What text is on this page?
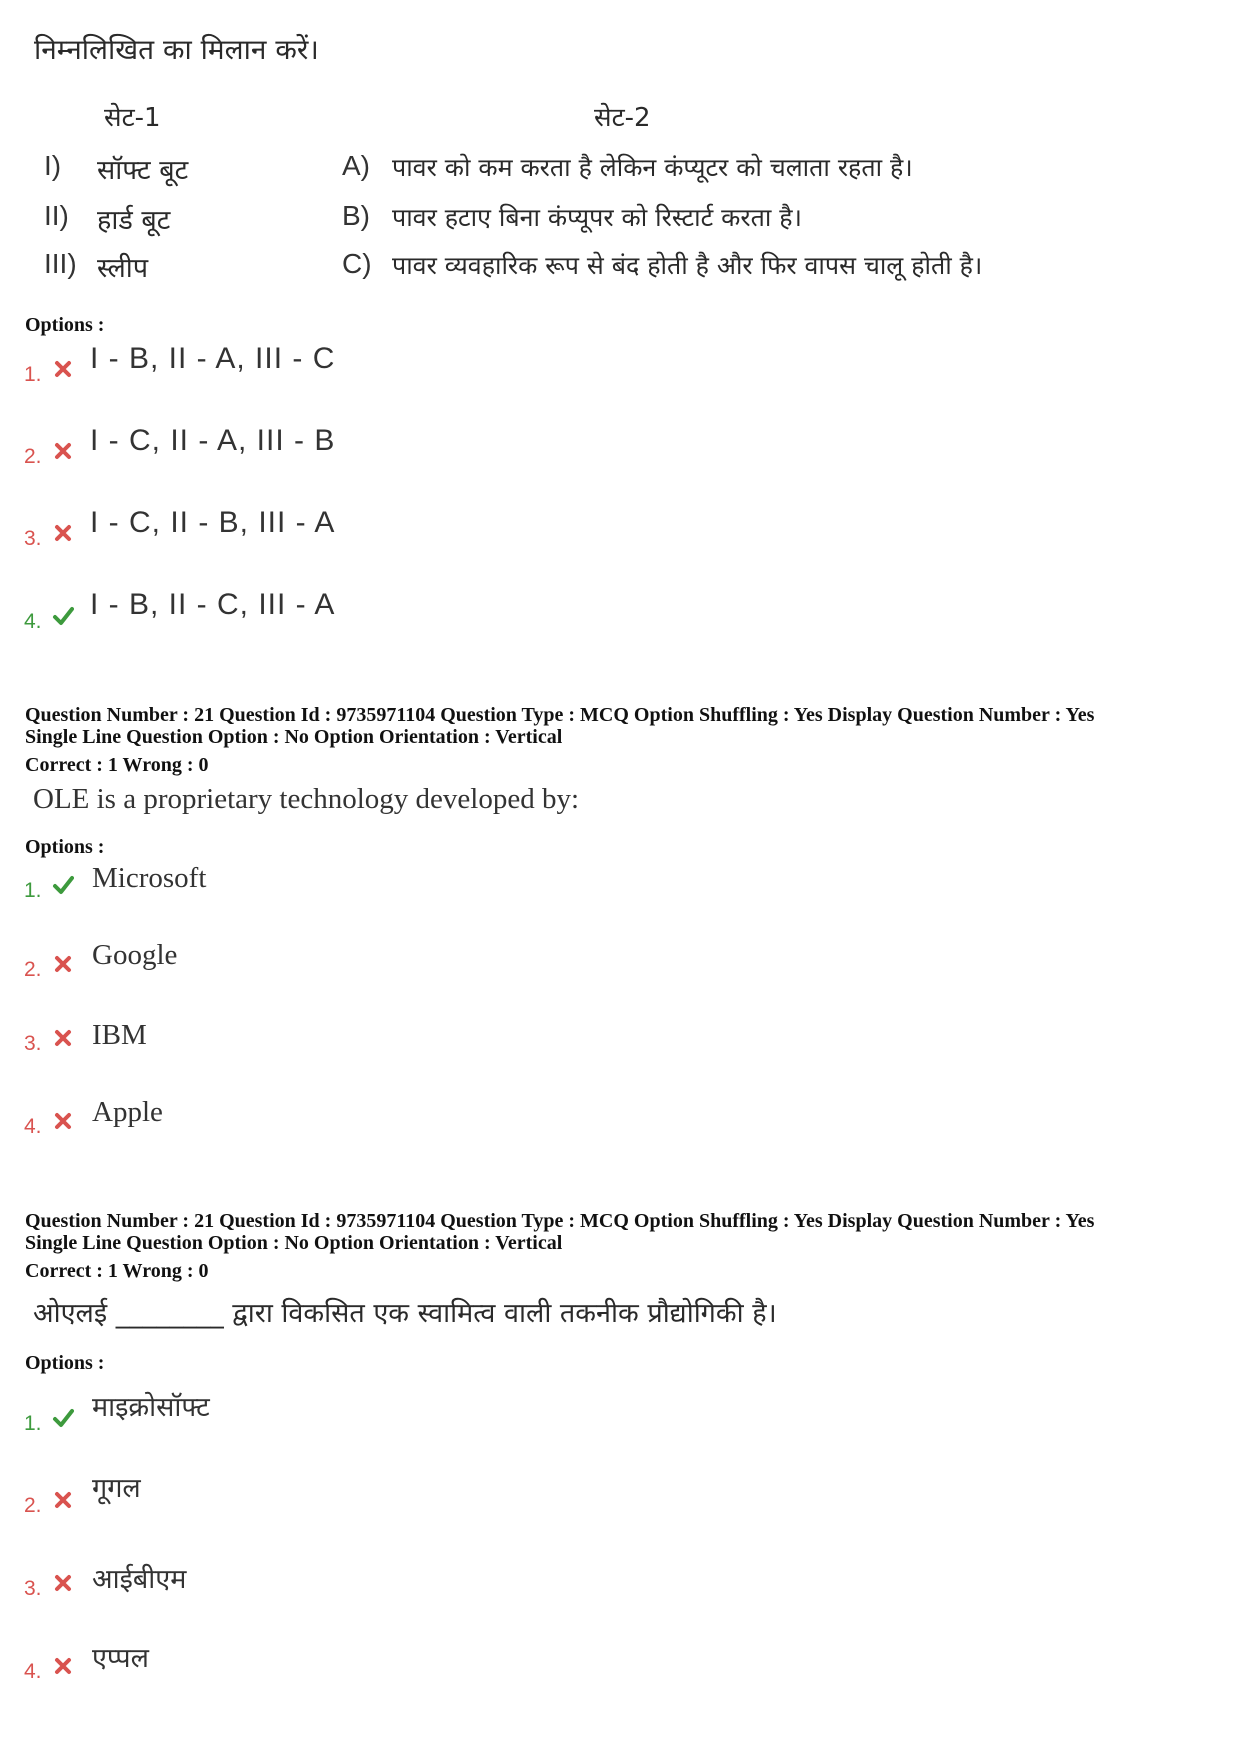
निम्नलिखित का मिलान करें।
सेट-1	सेट-2
I) सॉफ्ट बूट
II) हार्ड बूट
III) स्लीप
A) पावर को कम करता है लेकिन कंप्यूटर को चलाता रहता है।
B) पावर हटाए बिना कंप्यूपर को रिस्टार्ट करता है।
C) पावर व्यवहारिक रूप से बंद होती है और फिर वापस चालू होती है।
Options :
1. I - B, II - A, III - C
2. I - C, II - A, III - B
3. I - C, II - B, III - A
4.
I - B, II - C, III - A
Question Number : 21 Question Id : 9735971104 Question Type : MCQ Option Shuffling : Yes Display Question Number : Yes
Single Line Question Option : No Option Orientation : Vertical
Correct : 1 Wrong : 0
OLE is a proprietary technology developed by:
Options :
1. Microsoft
2. Google
3. IBM
4. Apple
Question Number : 21 Question Id : 9735971104 Question Type : MCQ Option Shuffling : Yes Display Question Number : Yes
Single Line Question Option : No Option Orientation : Vertical
Correct : 1 Wrong : 0
ओएलई ________ द्वारा विकसित एक स्वामित्व वाली तकनीक प्रौद्योगिकी है।
Options :
1.
माइक्रोसॉफ्ट
2.
गूगल
3. आईबीएम
4. एप्पल
